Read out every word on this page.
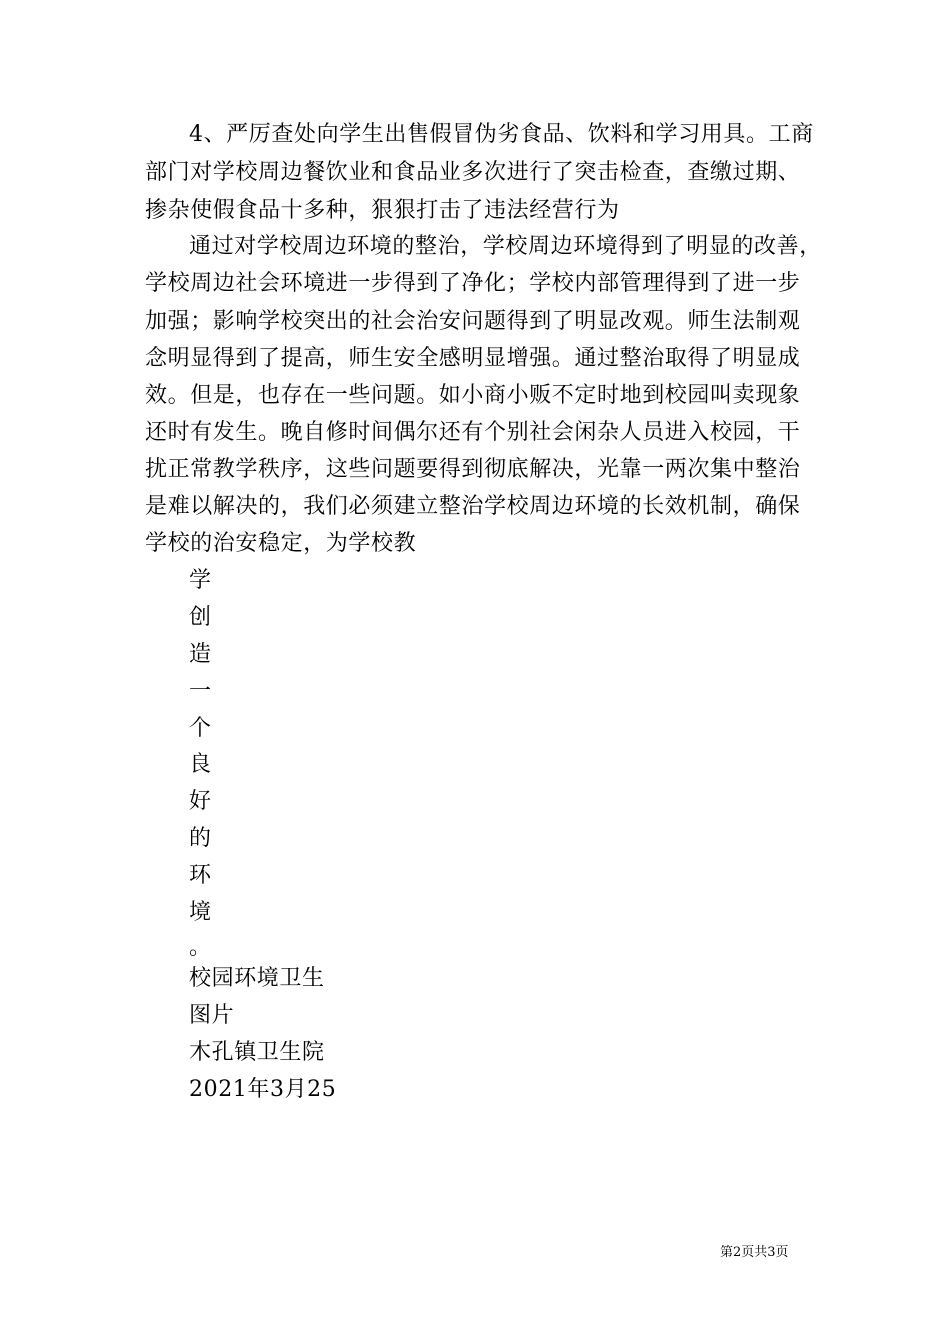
4、严厉查处向学生出售假冒伪劣食品、饮料和学习用具。工商
部门对学校周边餐饮业和食品业多次进行了突击检查，查缴过期、
掺杂使假食品十多种，狠狠打击了违法经营行为
通过对学校周边环境的整治，学校周边环境得到了明显的改善，
学校周边社会环境进一步得到了净化；学校内部管理得到了进一步
加强；影响学校突出的社会治安问题得到了明显改观。师生法制观
念明显得到了提高，师生安全感明显增强。通过整治取得了明显成
效。但是，也存在一些问题。如小商小贩不定时地到校园叫卖现象
还时有发生。晚自修时间偶尔还有个别社会闲杂人员进入校园，干
扰正常教学秩序，这些问题要得到彻底解决，光靠一两次集中整治
是难以解决的，我们必须建立整治学校周边环境的长效机制，确保
学校的治安稳定，为学校教
学
创
造
一
个
良
好
的
环
境
。
校园环境卫生
图片
木孔镇卫生院
2021年3月25
第2页共3页
